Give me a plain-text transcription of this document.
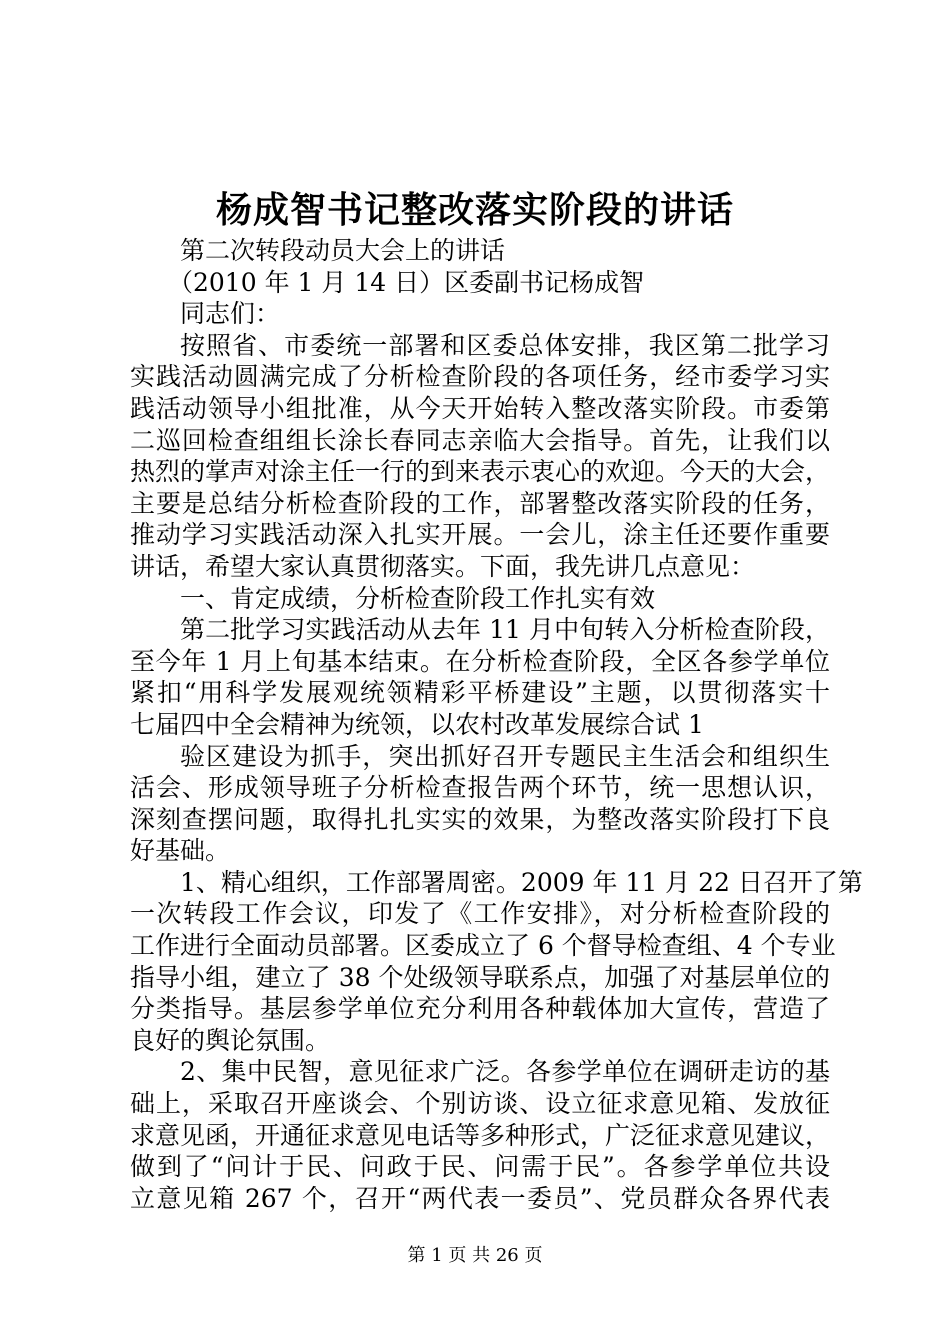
杨成智书记整改落实阶段的讲话
第二次转段动员大会上的讲话
（2010 年 1 月 14 日）区委副书记杨成智
同志们：
按照省、市委统一部署和区委总体安排，我区第二批学习
实践活动圆满完成了分析检查阶段的各项任务，经市委学习实
践活动领导小组批准，从今天开始转入整改落实阶段。市委第
二巡回检查组组长涂长春同志亲临大会指导。首先，让我们以
热烈的掌声对涂主任一行的到来表示衷心的欢迎。今天的大会，
主要是总结分析检查阶段的工作，部署整改落实阶段的任务，
推动学习实践活动深入扎实开展。一会儿，涂主任还要作重要
讲话，希望大家认真贯彻落实。下面，我先讲几点意见：
一、肯定成绩，分析检查阶段工作扎实有效
第二批学习实践活动从去年 11 月中旬转入分析检查阶段，
至今年 1 月上旬基本结束。在分析检查阶段，全区各参学单位
紧扣“用科学发展观统领精彩平桥建设”主题，以贯彻落实十
七届四中全会精神为统领，以农村改革发展综合试 1
验区建设为抓手，突出抓好召开专题民主生活会和组织生
活会、形成领导班子分析检查报告两个环节，统一思想认识，
深刻查摆问题，取得扎扎实实的效果，为整改落实阶段打下良
好基础。
1、精心组织，工作部署周密。2009 年 11 月 22 日召开了第
一次转段工作会议，印发了《工作安排》，对分析检查阶段的
工作进行全面动员部署。区委成立了 6 个督导检查组、4 个专业
指导小组，建立了 38 个处级领导联系点，加强了对基层单位的
分类指导。基层参学单位充分利用各种载体加大宣传，营造了
良好的舆论氛围。
2、集中民智，意见征求广泛。各参学单位在调研走访的基
础上，采取召开座谈会、个别访谈、设立征求意见箱、发放征
求意见函，开通征求意见电话等多种形式，广泛征求意见建议，
做到了“问计于民、问政于民、问需于民”。各参学单位共设
立意见箱 267 个，召开“两代表一委员”、党员群众各界代表
第 1 页 共 26 页
